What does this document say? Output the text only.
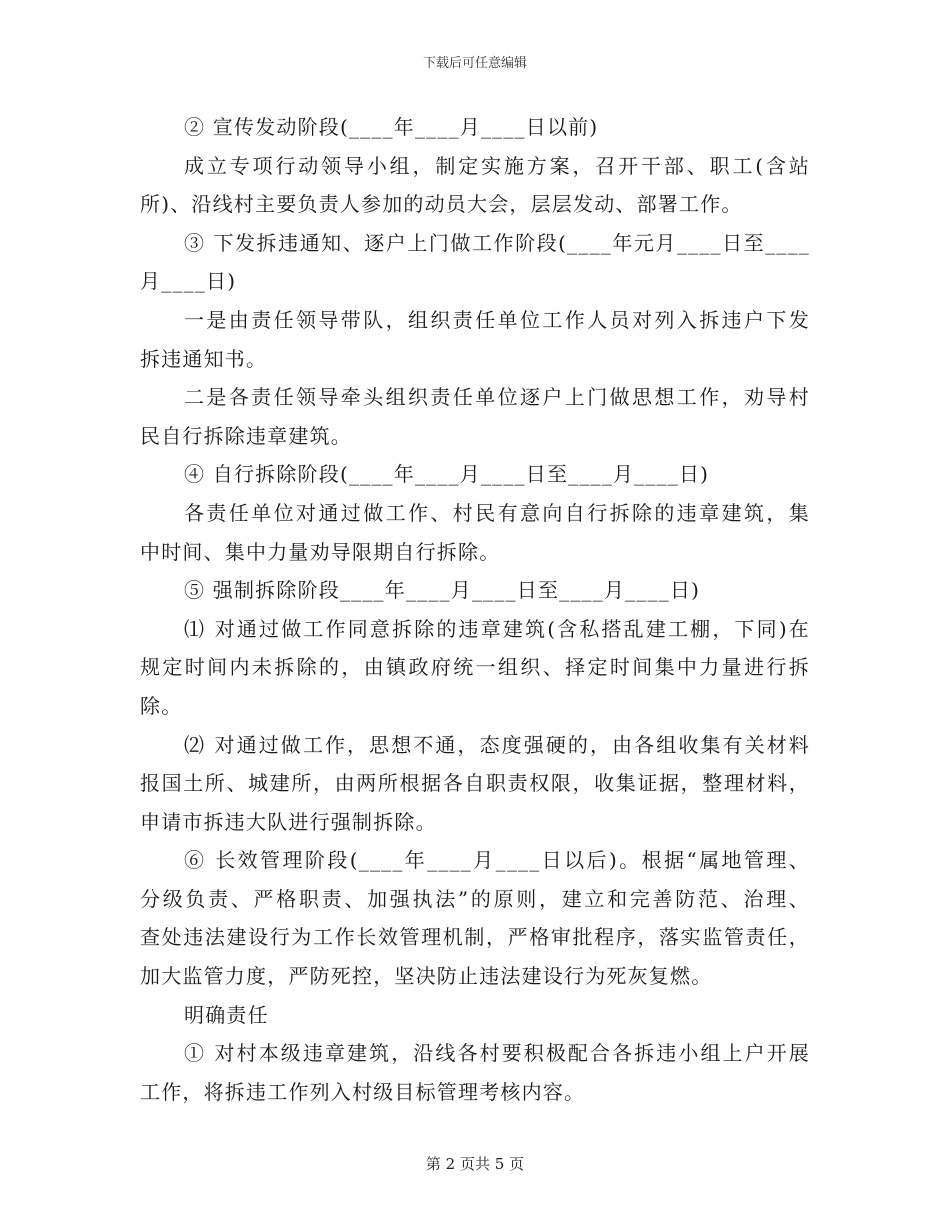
下载后可任意编辑
② 宣传发动阶段(____年____月____日以前)
成立专项行动领导小组，制定实施方案，召开干部、职工(含站
所)、沿线村主要负责人参加的动员大会，层层发动、部署工作。
③ 下发拆违通知、逐户上门做工作阶段(____年元月____日至____
月____日)
一是由责任领导带队，组织责任单位工作人员对列入拆违户下发
拆违通知书。
二是各责任领导牵头组织责任单位逐户上门做思想工作，劝导村
民自行拆除违章建筑。
④ 自行拆除阶段(____年____月____日至____月____日)
各责任单位对通过做工作、村民有意向自行拆除的违章建筑，集
中时间、集中力量劝导限期自行拆除。
⑤ 强制拆除阶段____年____月____日至____月____日)
⑴ 对通过做工作同意拆除的违章建筑(含私搭乱建工棚，下同)在
规定时间内未拆除的，由镇政府统一组织、择定时间集中力量进行拆
除。
⑵ 对通过做工作，思想不通，态度强硬的，由各组收集有关材料
报国土所、城建所，由两所根据各自职责权限，收集证据，整理材料，
申请市拆违大队进行强制拆除。
⑥ 长效管理阶段(____年____月____日以后)。根据“属地管理、
分级负责、严格职责、加强执法”的原则，建立和完善防范、治理、
查处违法建设行为工作长效管理机制，严格审批程序，落实监管责任，
加大监管力度，严防死控，坚决防止违法建设行为死灰复燃。
明确责任
① 对村本级违章建筑，沿线各村要积极配合各拆违小组上户开展
工作，将拆违工作列入村级目标管理考核内容。
第 2 页共 5 页
